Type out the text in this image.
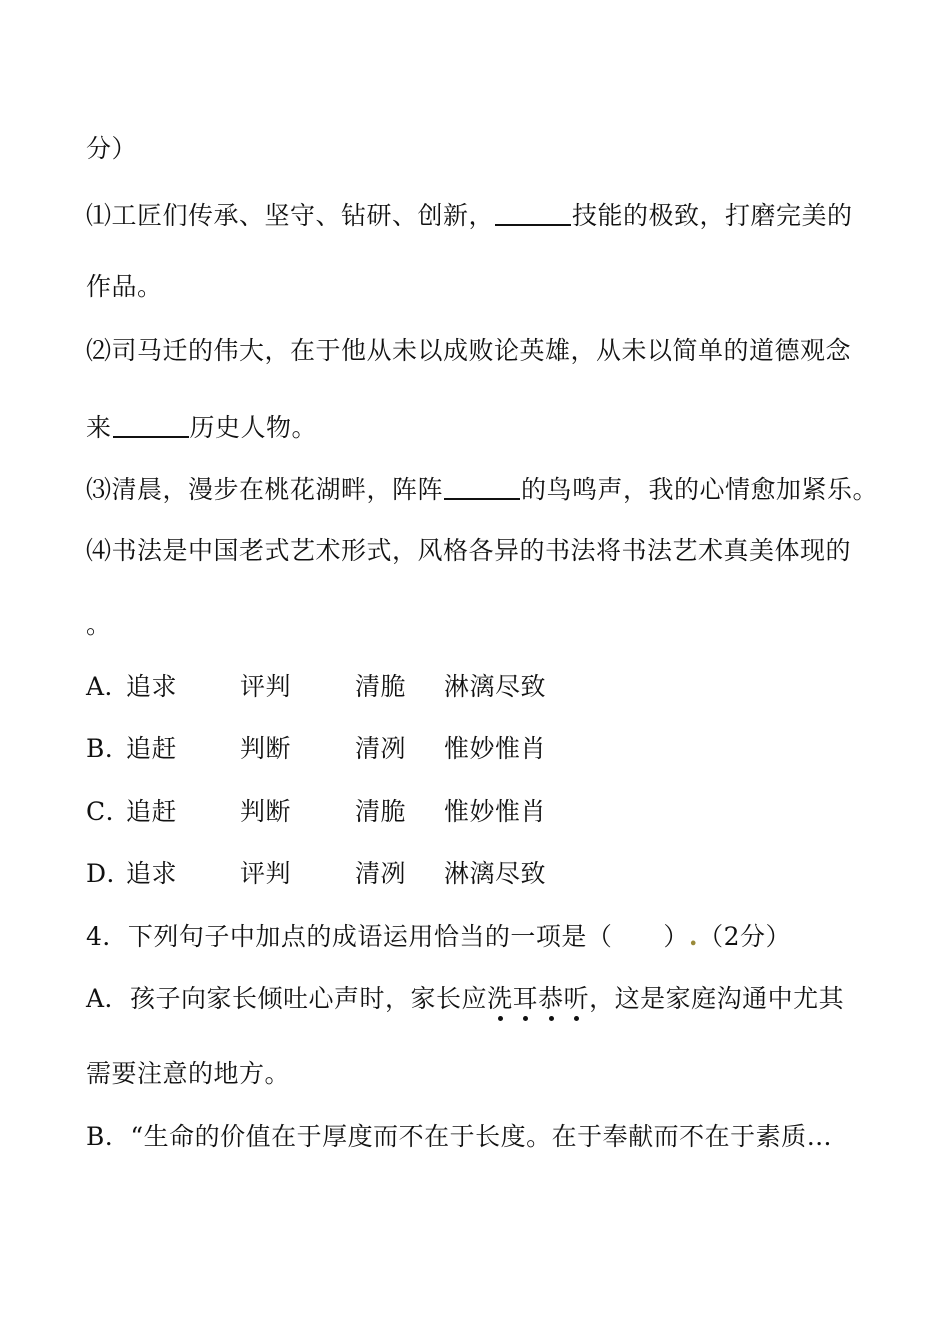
分）
⑴工匠们传承、坚守、钻研、创新，	技能的极致，打磨完美的
作品。
⑵司马迁的伟大，在于他从未以成败论英雄，从未以简单的道德观念
来	历史人物。
⑶清晨，漫步在桃花湖畔，阵阵	的鸟鸣声，我的心情愈加紧乐。
⑷书法是中国老式艺术形式，风格各异的书法将书法艺术真美体现的
。
A．
追求	评判	清脆 淋漓尽致
B．
追赶	判断	清冽 惟妙惟肖
C．
追赶	判断	清脆 惟妙惟肖
D．
追求	评判	清冽 淋漓尽致
4．下列句子中加点的成语运用恰当的一项是（　　）.（2分）
A．孩子向家长倾吐心声时，家长应洗
耳
恭
听
，这是家庭沟通中尤其
需要注意的地方。
B．“生命的价值在于厚度而不在于长度。在于奉献而不在于素质…
